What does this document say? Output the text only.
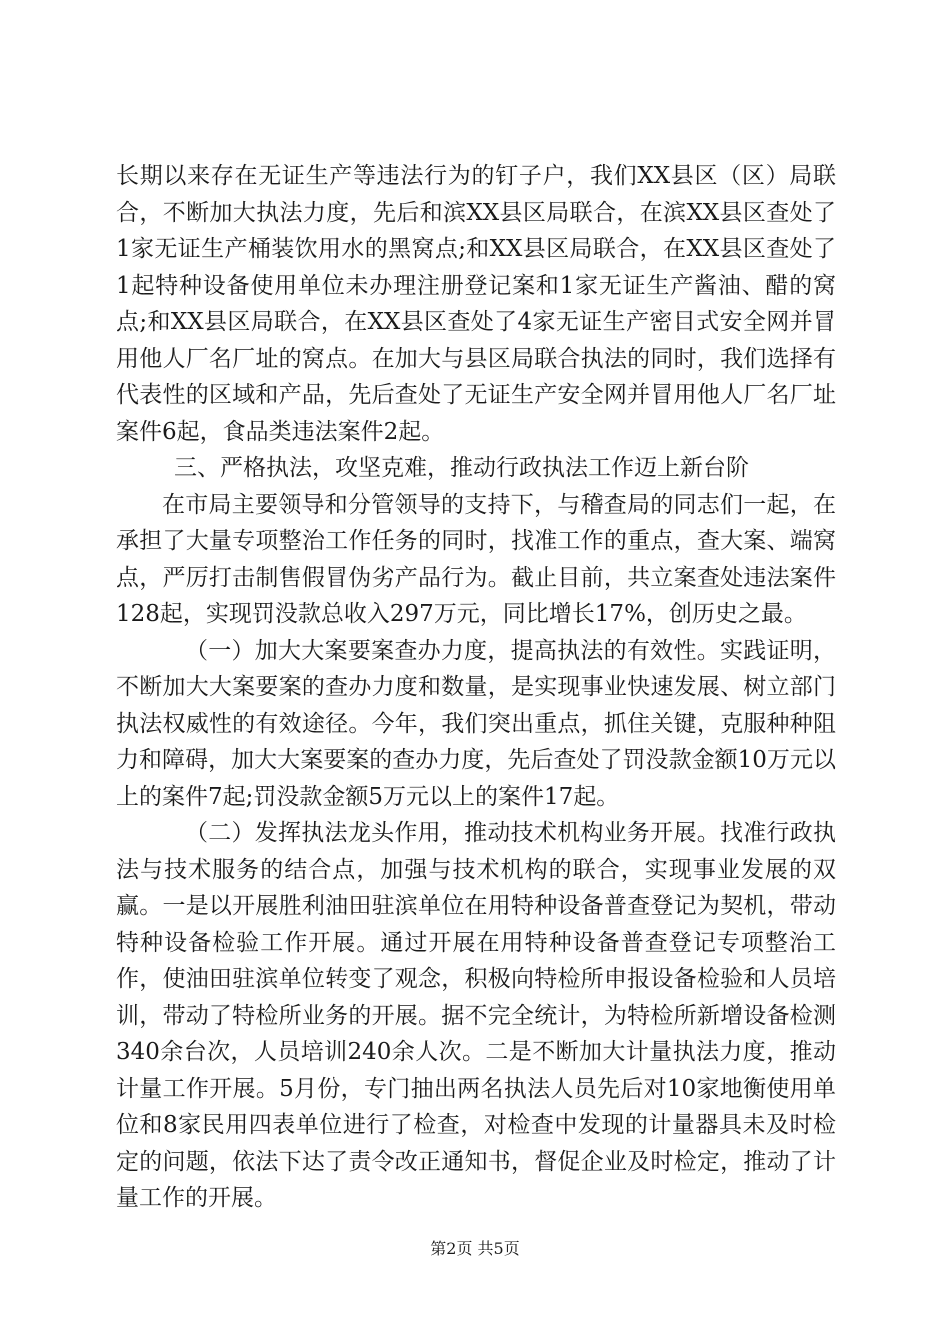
长期以来存在无证生产等违法行为的钉子户，我们XX县区（区）局联合，不断加大执法力度，先后和滨XX县区局联合，在滨XX县区查处了1家无证生产桶装饮用水的黑窝点;和XX县区局联合，在XX县区查处了1起特种设备使用单位未办理注册登记案和1家无证生产酱油、醋的窝点;和XX县区局联合，在XX县区查处了4家无证生产密目式安全网并冒用他人厂名厂址的窝点。在加大与县区局联合执法的同时，我们选择有代表性的区域和产品，先后查处了无证生产安全网并冒用他人厂名厂址案件6起，食品类违法案件2起。

三、严格执法，攻坚克难，推动行政执法工作迈上新台阶

在市局主要领导和分管领导的支持下，与稽查局的同志们一起，在承担了大量专项整治工作任务的同时，找准工作的重点，查大案、端窝点，严厉打击制售假冒伪劣产品行为。截止目前，共立案查处违法案件128起，实现罚没款总收入297万元，同比增长17%，创历史之最。

（一）加大大案要案查办力度，提高执法的有效性。实践证明，不断加大大案要案的查办力度和数量，是实现事业快速发展、树立部门执法权威性的有效途径。今年，我们突出重点，抓住关键，克服种种阻力和障碍，加大大案要案的查办力度，先后查处了罚没款金额10万元以上的案件7起;罚没款金额5万元以上的案件17起。

（二）发挥执法龙头作用，推动技术机构业务开展。找准行政执法与技术服务的结合点，加强与技术机构的联合，实现事业发展的双赢。一是以开展胜利油田驻滨单位在用特种设备普查登记为契机，带动特种设备检验工作开展。通过开展在用特种设备普查登记专项整治工作，使油田驻滨单位转变了观念，积极向特检所申报设备检验和人员培训，带动了特检所业务的开展。据不完全统计，为特检所新增设备检测340余台次，人员培训240余人次。二是不断加大计量执法力度，推动计量工作开展。5月份，专门抽出两名执法人员先后对10家地衡使用单位和8家民用四表单位进行了检查，对检查中发现的计量器具未及时检定的问题，依法下达了责令改正通知书，督促企业及时检定，推动了计量工作的开展。

第2页 共5页
